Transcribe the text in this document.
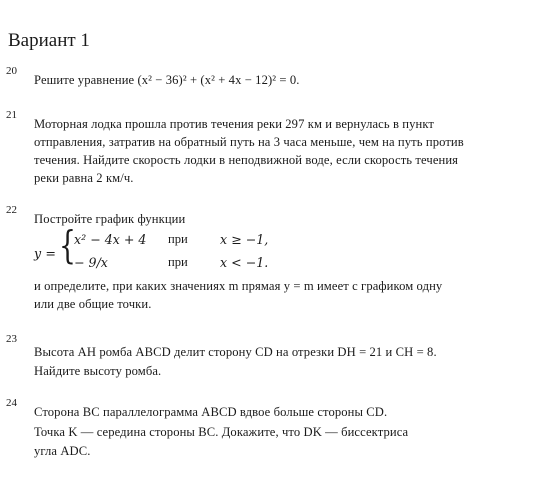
Вариант 1
20
Решите уравнение (x² − 36)² + (x² + 4x − 12)² = 0.
21
Моторная лодка прошла против течения реки 297 км и вернулась в пункт
отправления, затратив на обратный путь на 3 часа меньше, чем на путь против
течения. Найдите скорость лодки в неподвижной воде, если скорость течения
реки равна 2 км/ч.
22
Постройте график функции
y = {
x² − 4x + 4 при	x ≥ −1,
− 9/x	при	x < −1.
и определите, при каких значениях m прямая y = m имеет с графиком одну
или две общие точки.
23
Высота AH ромба ABCD делит сторону CD на отрезки DH = 21 и CH = 8.
Найдите высоту ромба.
24
Сторона BC параллелограмма ABCD вдвое больше стороны CD.
Точка K — середина стороны BC. Докажите, что DK — биссектриса
угла ADC.
